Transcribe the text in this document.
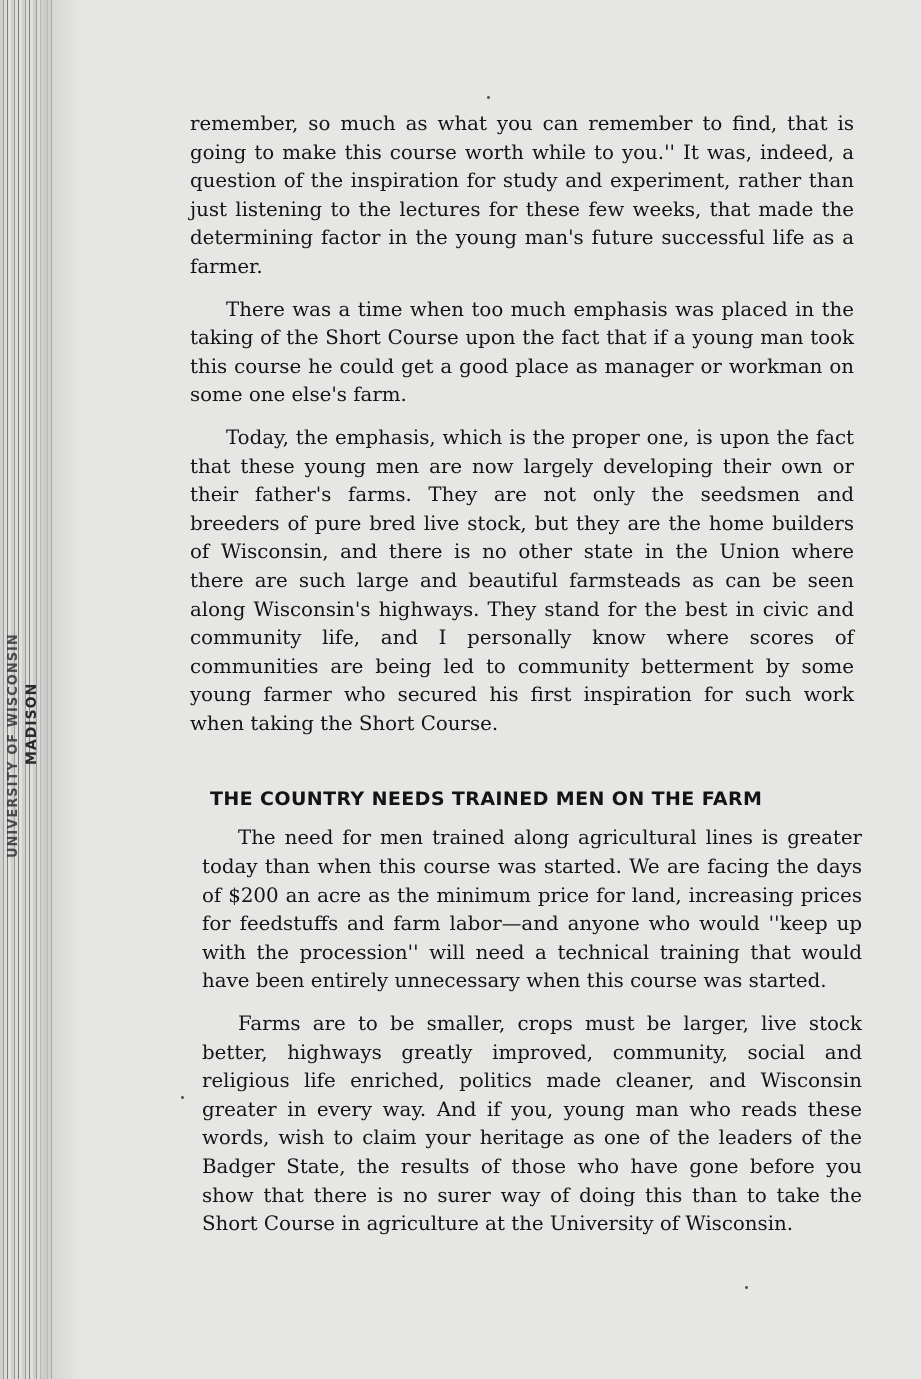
UNIVERSITY OF WISCONSIN MADISON

remember, so much as what you can remember to find, that is going to make this course worth while to you.'' It was, indeed, a question of the inspiration for study and experiment, rather than just listening to the lectures for these few weeks, that made the determining factor in the young man's future successful life as a farmer.

There was a time when too much emphasis was placed in the taking of the Short Course upon the fact that if a young man took this course he could get a good place as manager or workman on some one else's farm.

Today, the emphasis, which is the proper one, is upon the fact that these young men are now largely developing their own or their father's farms. They are not only the seedsmen and breeders of pure bred live stock, but they are the home builders of Wisconsin, and there is no other state in the Union where there are such large and beautiful farmsteads as can be seen along Wisconsin's highways. They stand for the best in civic and community life, and I personally know where scores of communities are being led to community betterment by some young farmer who secured his first inspiration for such work when taking the Short Course.

THE COUNTRY NEEDS TRAINED MEN ON THE FARM

The need for men trained along agricultural lines is greater today than when this course was started. We are facing the days of $200 an acre as the minimum price for land, increasing prices for feedstuffs and farm labor—and anyone who would ''keep up with the procession'' will need a technical training that would have been entirely unnecessary when this course was started.

Farms are to be smaller, crops must be larger, live stock better, highways greatly improved, community, social and religious life enriched, politics made cleaner, and Wisconsin greater in every way. And if you, young man who reads these words, wish to claim your heritage as one of the leaders of the Badger State, the results of those who have gone before you show that there is no surer way of doing this than to take the Short Course in agriculture at the University of Wisconsin.
